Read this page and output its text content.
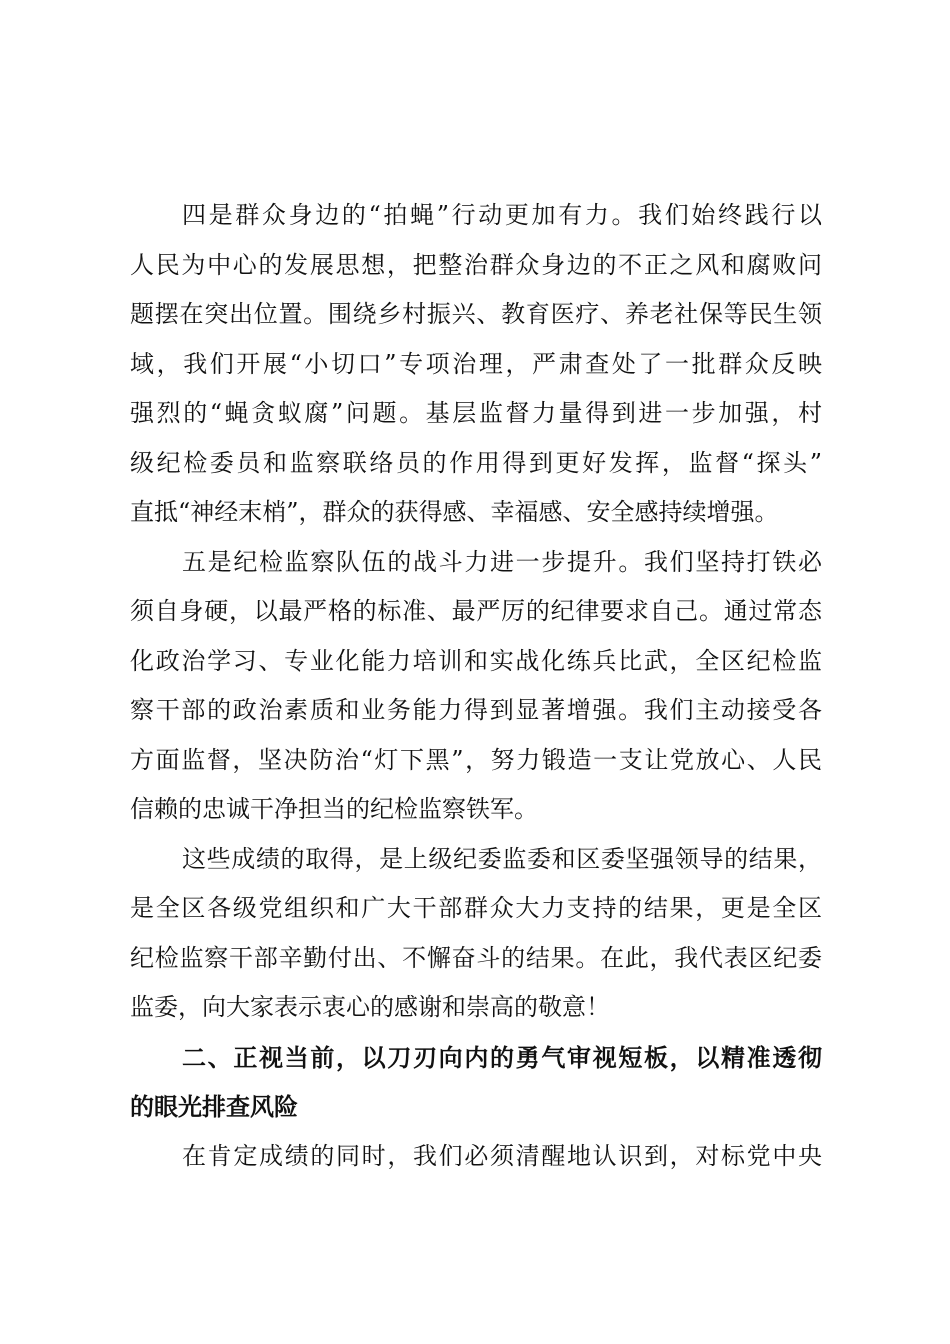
四是群众身边的“拍蝇”行动更加有力。我们始终践行以
人民为中心的发展思想，把整治群众身边的不正之风和腐败问
题摆在突出位置。围绕乡村振兴、教育医疗、养老社保等民生领
域，我们开展“小切口”专项治理，严肃查处了一批群众反映
强烈的“蝇贪蚁腐”问题。基层监督力量得到进一步加强，村
级纪检委员和监察联络员的作用得到更好发挥，监督“探头”
直抵“神经末梢”，群众的获得感、幸福感、安全感持续增强。
五是纪检监察队伍的战斗力进一步提升。我们坚持打铁必
须自身硬，以最严格的标准、最严厉的纪律要求自己。通过常态
化政治学习、专业化能力培训和实战化练兵比武，全区纪检监
察干部的政治素质和业务能力得到显著增强。我们主动接受各
方面监督，坚决防治“灯下黑”，努力锻造一支让党放心、人民
信赖的忠诚干净担当的纪检监察铁军。
这些成绩的取得，是上级纪委监委和区委坚强领导的结果，
是全区各级党组织和广大干部群众大力支持的结果，更是全区
纪检监察干部辛勤付出、不懈奋斗的结果。在此，我代表区纪委
监委，向大家表示衷心的感谢和崇高的敬意！
二、正视当前，以刀刃向内的勇气审视短板，以精准透彻
的眼光排查风险
在肯定成绩的同时，我们必须清醒地认识到，对标党中央
